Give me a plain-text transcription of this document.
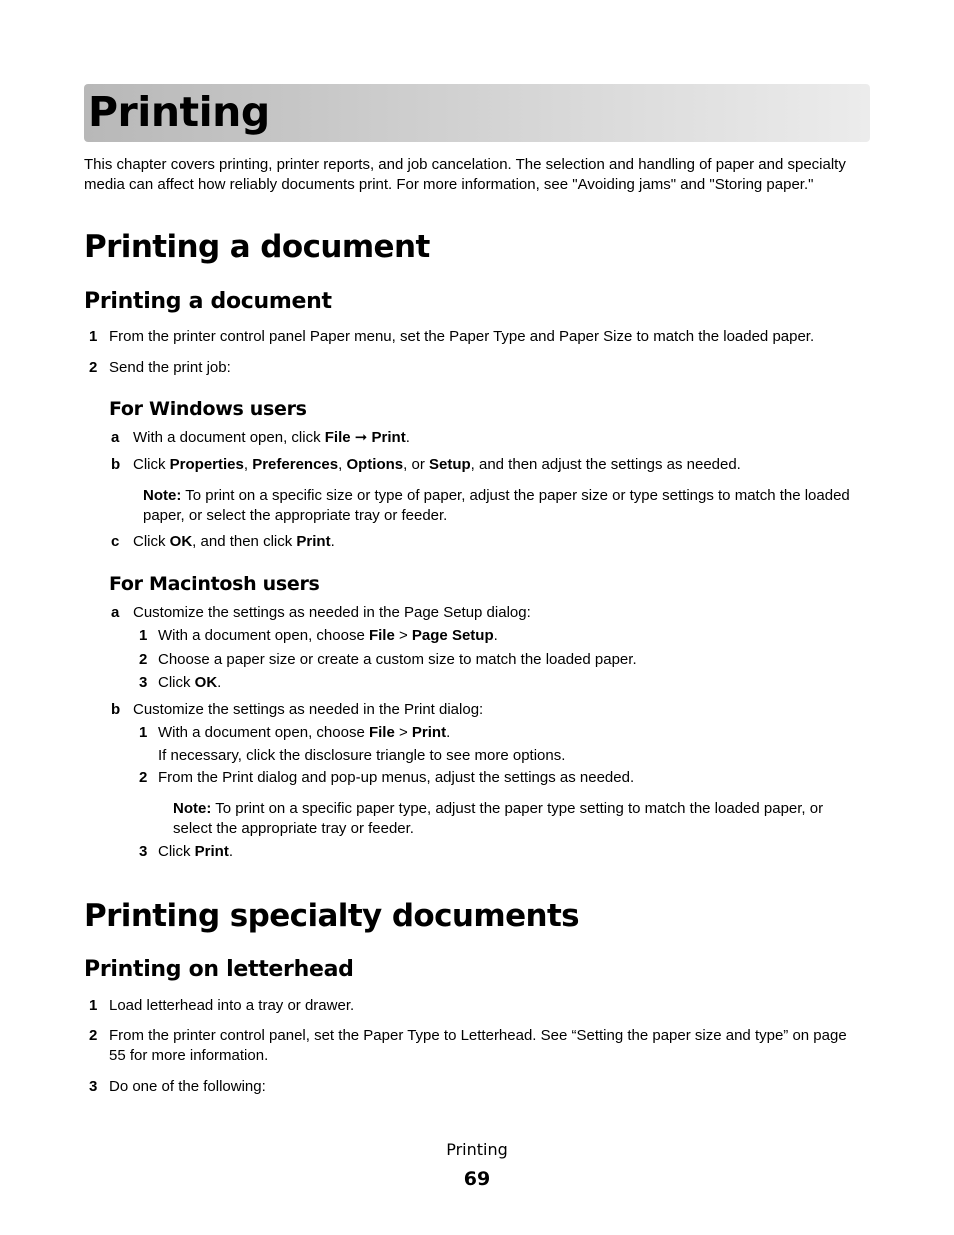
Printing
This chapter covers printing, printer reports, and job cancelation. The selection and handling of paper and specialty media can affect how reliably documents print. For more information, see "Avoiding jams" and "Storing paper."
Printing a document
Printing a document
1 From the printer control panel Paper menu, set the Paper Type and Paper Size to match the loaded paper.
2 Send the print job:
For Windows users
a With a document open, click File ➞ Print.
b Click Properties, Preferences, Options, or Setup, and then adjust the settings as needed.
Note: To print on a specific size or type of paper, adjust the paper size or type settings to match the loaded paper, or select the appropriate tray or feeder.
c Click OK, and then click Print.
For Macintosh users
a Customize the settings as needed in the Page Setup dialog:
1 With a document open, choose File > Page Setup.
2 Choose a paper size or create a custom size to match the loaded paper.
3 Click OK.
b Customize the settings as needed in the Print dialog:
1 With a document open, choose File > Print.
If necessary, click the disclosure triangle to see more options.
2 From the Print dialog and pop-up menus, adjust the settings as needed.
Note: To print on a specific paper type, adjust the paper type setting to match the loaded paper, or select the appropriate tray or feeder.
3 Click Print.
Printing specialty documents
Printing on letterhead
1 Load letterhead into a tray or drawer.
2 From the printer control panel, set the Paper Type to Letterhead. See “Setting the paper size and type” on page 55 for more information.
3 Do one of the following:
Printing
69
